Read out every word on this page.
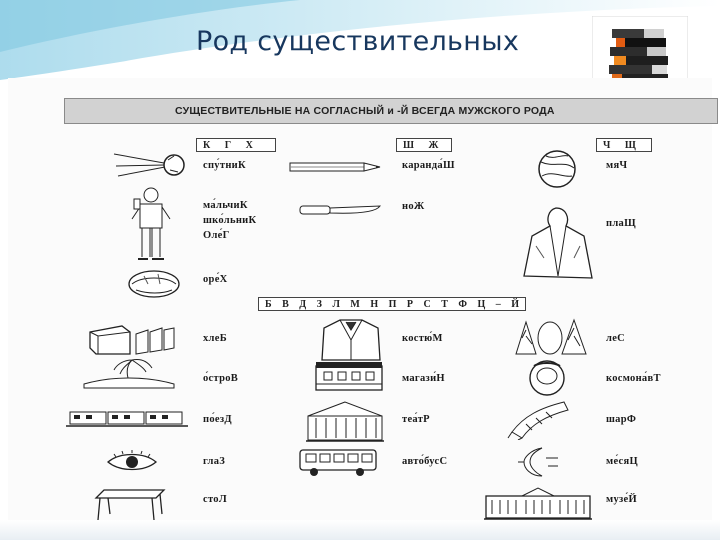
Род существительных
СУЩЕСТВИТЕЛЬНЫЕ НА СОГЛАСНЫЙ и -Й ВСЕГДА МУЖСКОГО РОДА
К Г Х	Ш Ж	Ч Щ
Б В Д З Л М Н П Р С Т Ф Ц – Й
спу́тниК	каранда́Ш	мяЧ
ма́льчиК
шко́льниК
Оле́Г
ноЖ
плаЩ
оре́Х
хлеБ	костю́М	леС
о́строВ	магази́Н	космона́вТ
по́езД	теа́тР	шарФ
глаЗ	авто́бусС	ме́сяЦ
стоЛ	музе́Й
